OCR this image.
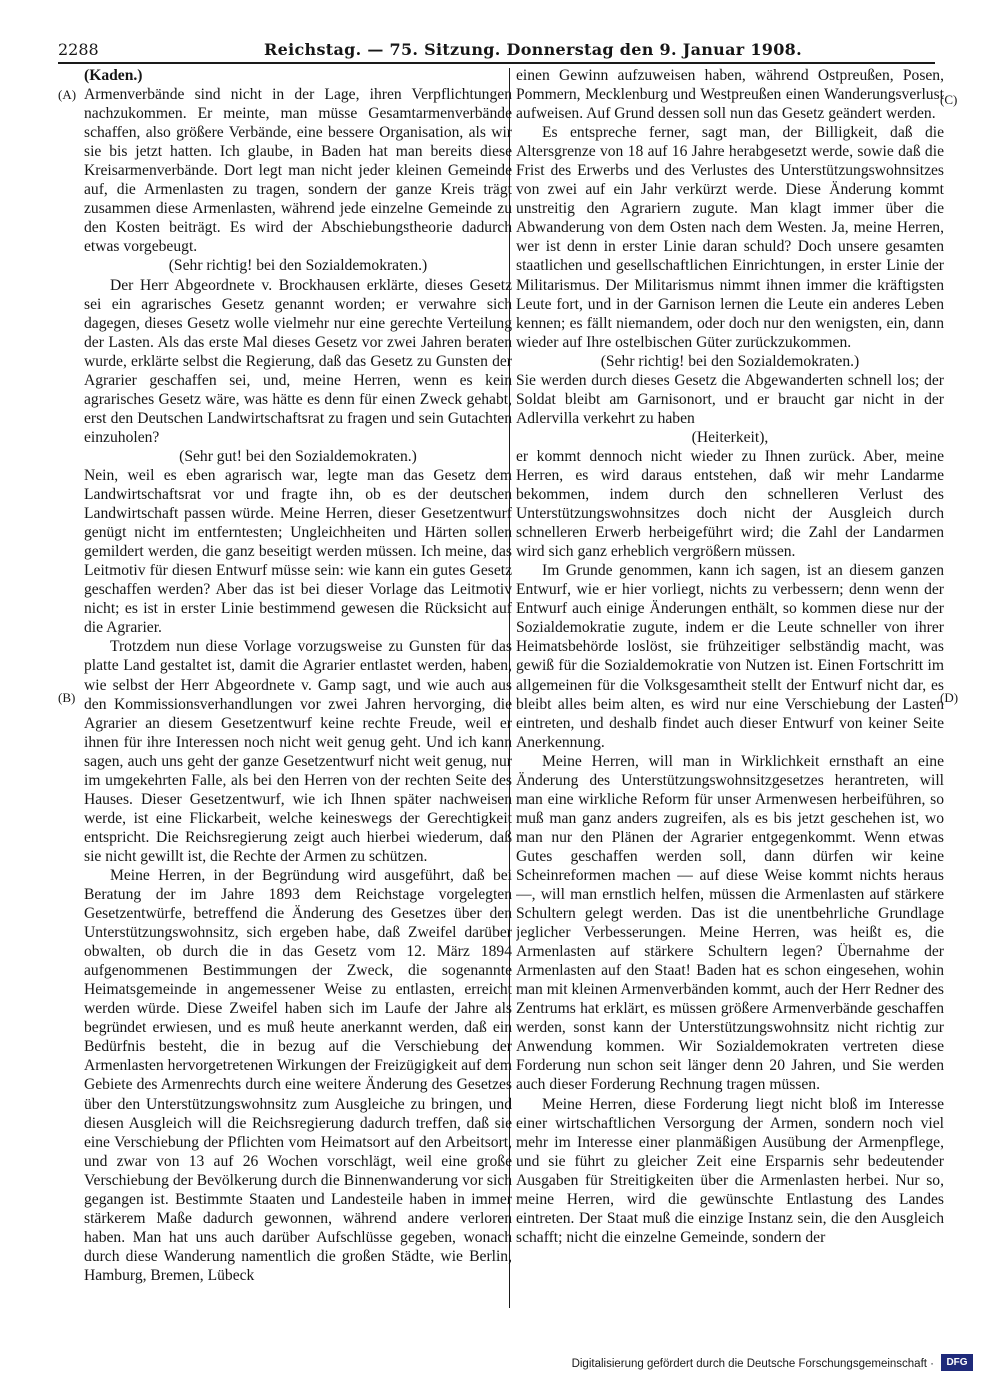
2288	Reichstag. — 75. Sitzung. Donnerstag den 9. Januar 1908.
(A)
(B)
(C)
(D)

(Kaden.)

Armenverbände sind nicht in der Lage, ihren Verpflichtungen nachzukommen. Er meinte, man müsse Gesamtarmenverbände schaffen, also größere Verbände, eine bessere Organisation, als wir sie bis jetzt hatten. Ich glaube, in Baden hat man bereits diese Kreisarmenverbände. Dort legt man nicht jeder kleinen Gemeinde auf, die Armenlasten zu tragen, sondern der ganze Kreis trägt zusammen diese Armenlasten, während jede einzelne Gemeinde zu den Kosten beiträgt. Es wird der Abschiebungstheorie dadurch etwas vorgebeugt.

(Sehr richtig! bei den Sozialdemokraten.)

Der Herr Abgeordnete v. Brockhausen erklärte, dieses Gesetz sei ein agrarisches Gesetz genannt worden; er verwahre sich dagegen, dieses Gesetz wolle vielmehr nur eine gerechte Verteilung der Lasten. Als das erste Mal dieses Gesetz vor zwei Jahren beraten wurde, erklärte selbst die Regierung, daß das Gesetz zu Gunsten der Agrarier geschaffen sei, und, meine Herren, wenn es kein agrarisches Gesetz wäre, was hätte es denn für einen Zweck gehabt, erst den Deutschen Landwirtschaftsrat zu fragen und sein Gutachten einzuholen?

(Sehr gut! bei den Sozialdemokraten.)

Nein, weil es eben agrarisch war, legte man das Gesetz dem Landwirtschaftsrat vor und fragte ihn, ob es der deutschen Landwirtschaft passen würde. Meine Herren, dieser Gesetzentwurf genügt nicht im entferntesten; Ungleichheiten und Härten sollen gemildert werden, die ganz beseitigt werden müssen. Ich meine, das Leitmotiv für diesen Entwurf müsse sein: wie kann ein gutes Gesetz geschaffen werden? Aber das ist bei dieser Vorlage das Leitmotiv nicht; es ist in erster Linie bestimmend gewesen die Rücksicht auf die Agrarier.

Trotzdem nun diese Vorlage vorzugsweise zu Gunsten für das platte Land gestaltet ist, damit die Agrarier entlastet werden, haben, wie selbst der Herr Abgeordnete v. Gamp sagt, und wie auch aus den Kommissionsverhandlungen vor zwei Jahren hervorging, die Agrarier an diesem Gesetzentwurf keine rechte Freude, weil er ihnen für ihre Interessen noch nicht weit genug geht. Und ich kann sagen, auch uns geht der ganze Gesetzentwurf nicht weit genug, nur im umgekehrten Falle, als bei den Herren von der rechten Seite des Hauses. Dieser Gesetzentwurf, wie ich Ihnen später nachweisen werde, ist eine Flickarbeit, welche keineswegs der Gerechtigkeit entspricht. Die Reichsregierung zeigt auch hierbei wiederum, daß sie nicht gewillt ist, die Rechte der Armen zu schützen.

Meine Herren, in der Begründung wird ausgeführt, daß bei Beratung der im Jahre 1893 dem Reichstage vorgelegten Gesetzentwürfe, betreffend die Änderung des Gesetzes über den Unterstützungswohnsitz, sich ergeben habe, daß Zweifel darüber obwalten, ob durch die in das Gesetz vom 12. März 1894 aufgenommenen Bestimmungen der Zweck, die sogenannte Heimatsgemeinde in angemessener Weise zu entlasten, erreicht werden würde. Diese Zweifel haben sich im Laufe der Jahre als begründet erwiesen, und es muß heute anerkannt werden, daß ein Bedürfnis besteht, die in bezug auf die Verschiebung der Armenlasten hervorgetretenen Wirkungen der Freizügigkeit auf dem Gebiete des Armenrechts durch eine weitere Änderung des Gesetzes über den Unterstützungswohnsitz zum Ausgleiche zu bringen, und diesen Ausgleich will die Reichsregierung dadurch treffen, daß sie eine Verschiebung der Pflichten vom Heimatsort auf den Arbeitsort, und zwar von 13 auf 26 Wochen vorschlägt, weil eine große Verschiebung der Bevölkerung durch die Binnenwanderung vor sich gegangen ist. Bestimmte Staaten und Landesteile haben in immer stärkerem Maße dadurch gewonnen, während andere verloren haben. Man hat uns auch darüber Aufschlüsse gegeben, wonach durch diese Wanderung namentlich die großen Städte, wie Berlin, Hamburg, Bremen, Lübeck

einen Gewinn aufzuweisen haben, während Ostpreußen, Posen, Pommern, Mecklenburg und Westpreußen einen Wanderungsverlust aufweisen. Auf Grund dessen soll nun das Gesetz geändert werden.

Es entspreche ferner, sagt man, der Billigkeit, daß die Altersgrenze von 18 auf 16 Jahre herabgesetzt werde, sowie daß die Frist des Erwerbs und des Verlustes des Unterstützungswohnsitzes von zwei auf ein Jahr verkürzt werde. Diese Änderung kommt unstreitig den Agrariern zugute. Man klagt immer über die Abwanderung von dem Osten nach dem Westen. Ja, meine Herren, wer ist denn in erster Linie daran schuld? Doch unsere gesamten staatlichen und gesellschaftlichen Einrichtungen, in erster Linie der Militarismus. Der Militarismus nimmt ihnen immer die kräftigsten Leute fort, und in der Garnison lernen die Leute ein anderes Leben kennen; es fällt niemandem, oder doch nur den wenigsten, ein, dann wieder auf Ihre ostelbischen Güter zurückzukommen.

(Sehr richtig! bei den Sozialdemokraten.)

Sie werden durch dieses Gesetz die Abgewanderten schnell los; der Soldat bleibt am Garnisonort, und er braucht gar nicht in der Adlervilla verkehrt zu haben

(Heiterkeit),

er kommt dennoch nicht wieder zu Ihnen zurück. Aber, meine Herren, es wird daraus entstehen, daß wir mehr Landarme bekommen, indem durch den schnelleren Verlust des Unterstützungswohnsitzes doch nicht der Ausgleich durch schnelleren Erwerb herbeigeführt wird; die Zahl der Landarmen wird sich ganz erheblich vergrößern müssen.

Im Grunde genommen, kann ich sagen, ist an diesem ganzen Entwurf, wie er hier vorliegt, nichts zu verbessern; denn wenn der Entwurf auch einige Änderungen enthält, so kommen diese nur der Sozialdemokratie zugute, indem er die Leute schneller von ihrer Heimatsbehörde loslöst, sie frühzeitiger selbständig macht, was gewiß für die Sozialdemokratie von Nutzen ist. Einen Fortschritt im allgemeinen für die Volksgesamtheit stellt der Entwurf nicht dar, es bleibt alles beim alten, es wird nur eine Verschiebung der Lasten eintreten, und deshalb findet auch dieser Entwurf von keiner Seite Anerkennung.

Meine Herren, will man in Wirklichkeit ernsthaft an eine Änderung des Unterstützungswohnsitzgesetzes herantreten, will man eine wirkliche Reform für unser Armenwesen herbeiführen, so muß man ganz anders zugreifen, als es bis jetzt geschehen ist, wo man nur den Plänen der Agrarier entgegenkommt. Wenn etwas Gutes geschaffen werden soll, dann dürfen wir keine Scheinreformen machen — auf diese Weise kommt nichts heraus —, will man ernstlich helfen, müssen die Armenlasten auf stärkere Schultern gelegt werden. Das ist die unentbehrliche Grundlage jeglicher Verbesserungen. Meine Herren, was heißt es, die Armenlasten auf stärkere Schultern legen? Übernahme der Armenlasten auf den Staat! Baden hat es schon eingesehen, wohin man mit kleinen Armenverbänden kommt, auch der Herr Redner des Zentrums hat erklärt, es müssen größere Armenverbände geschaffen werden, sonst kann der Unterstützungswohnsitz nicht richtig zur Anwendung kommen. Wir Sozialdemokraten vertreten diese Forderung nun schon seit länger denn 20 Jahren, und Sie werden auch dieser Forderung Rechnung tragen müssen.

Meine Herren, diese Forderung liegt nicht bloß im Interesse einer wirtschaftlichen Versorgung der Armen, sondern noch viel mehr im Interesse einer planmäßigen Ausübung der Armenpflege, und sie führt zu gleicher Zeit eine Ersparnis sehr bedeutender Ausgaben für Streitigkeiten über die Armenlasten herbei. Nur so, meine Herren, wird die gewünschte Entlastung des Landes eintreten. Der Staat muß die einzige Instanz sein, die den Ausgleich schafft; nicht die einzelne Gemeinde, sondern der

Digitalisierung gefördert durch die Deutsche Forschungsgemeinschaft ·	DFG
